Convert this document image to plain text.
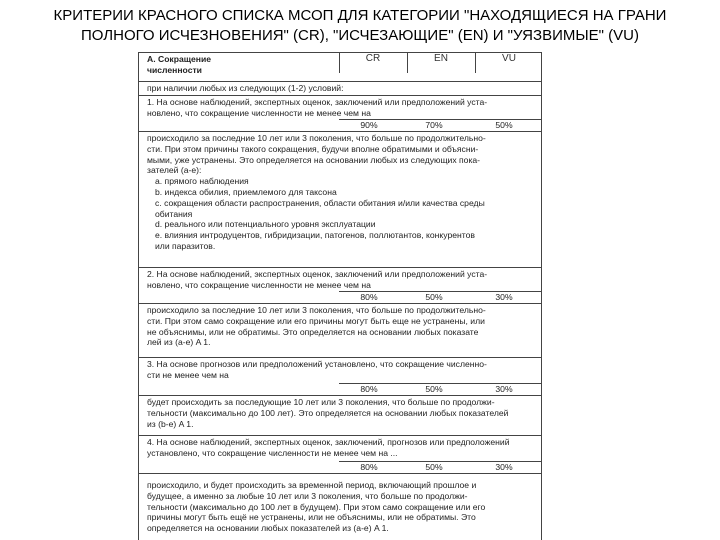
КРИТЕРИИ КРАСНОГО СПИСКА МСОП ДЛЯ КАТЕГОРИИ "НАХОДЯЩИЕСЯ НА ГРАНИ
ПОЛНОГО ИСЧЕЗНОВЕНИЯ" (CR), "ИСЧЕЗАЮЩИЕ" (EN) И "УЯЗВИМЫЕ" (VU)
A. Сокращение
численности
CR	EN	VU
при наличии любых из следующих (1-2) условий:
1. На основе наблюдений, экспертных оценок, заключений или предположений уста-
новлено, что сокращение численности не менее чем на
90%	70%	50%
происходило за последние 10 лет или 3 поколения, что больше по продолжительно-
сти. При этом причины такого сокращения, будучи вполне обратимыми и объясни-
мыми, уже устранены. Это определяется на основании любых из следующих пока-
зателей (a-e):
a. прямого наблюдения
b. индекса обилия, приемлемого для таксона
c. сокращения области распространения, области обитания и/или качества среды
обитания
d. реального или потенциального уровня эксплуатации
e. влияния интродуцентов, гибридизации, патогенов, поллютантов, конкурентов
или паразитов.
2. На основе наблюдений, экспертных оценок, заключений или предположений уста-
новлено, что сокращение численности не менее чем на
80%	50%	30%
происходило за последние 10 лет или 3 поколения, что больше по продолжительно-
сти. При этом само сокращение или его причины могут быть еще не устранены, или
не объяснимы, или не обратимы. Это определяется на основании любых показате
лей из (а-е) A 1.
3. На основе прогнозов или предположений установлено, что сокращение численно-
сти не менее чем на
80%	50%	30%
будет происходить за последующие 10 лет или 3 поколения, что больше по продолжи-
тельности (максимально до 100 лет). Это определяется на основании любых показателей
из (b-e) A 1.
4. На основе наблюдений, экспертных оценок, заключений, прогнозов или предположений
установлено, что сокращение численности не менее чем на ...
80%	50%	30%
происходило, и будет происходить за временной период, включающий прошлое и
будущее, а именно за любые 10 лет или 3 поколения, что больше по продолжи-
тельности (максимально до 100 лет в будущем). При этом само сокращение или его
причины могут быть ещё не устранены, или не объяснимы, или не обратимы. Это
определяется на основании любых показателей из (a-e) A 1.
